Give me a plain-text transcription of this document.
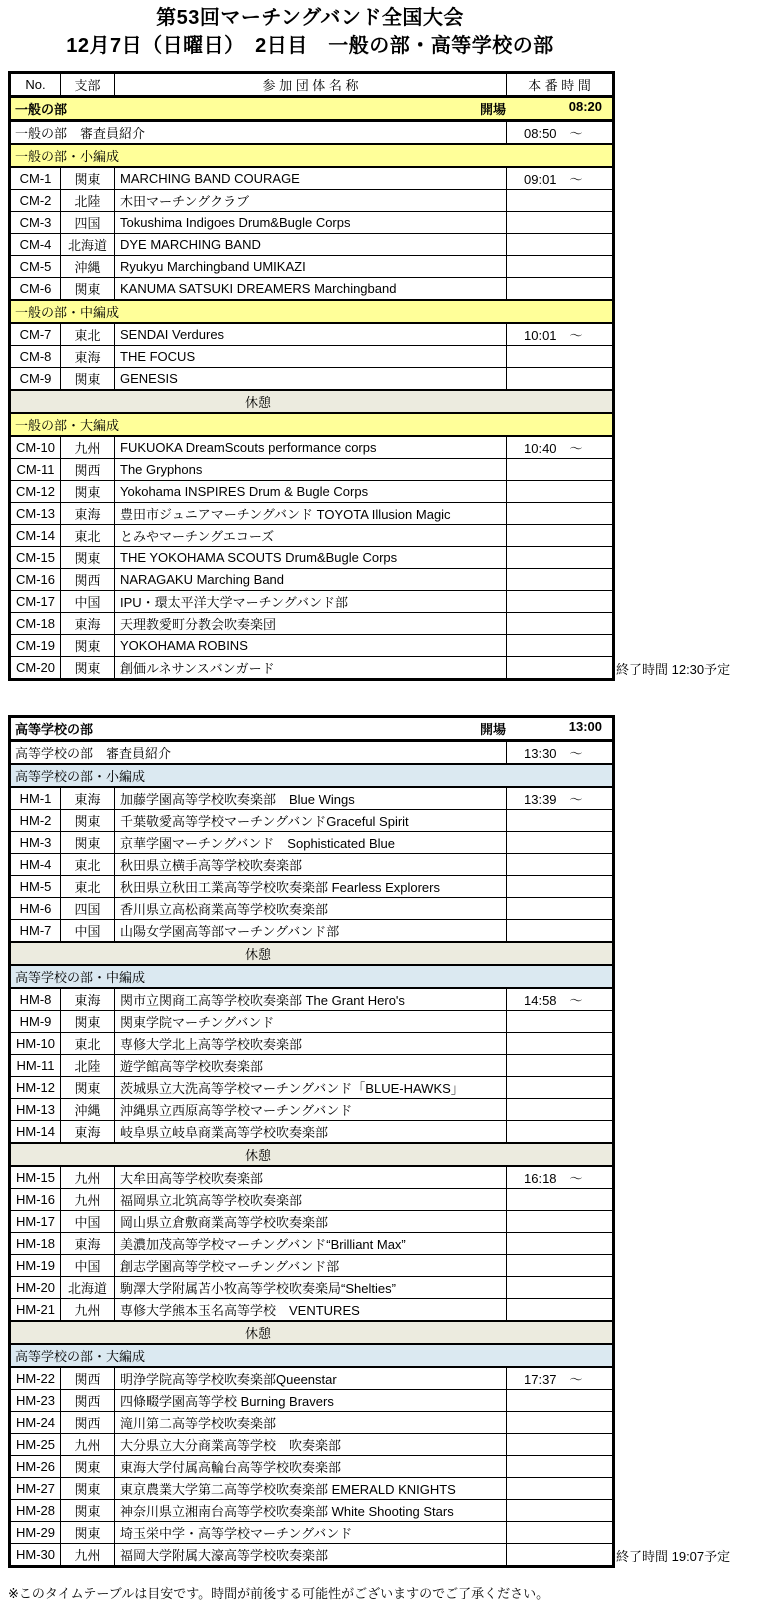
第53回マーチングバンド全国大会
12月7日（日曜日）　2日目　一般の部・高等学校の部
No.	支部	参 加 団 体 名 称	本 番 時 間

一般の部 開場 08:20			

一般の部　審査員紹介			08:50 ～
一般の部・小編成			
CM-1	関東	MARCHING BAND COURAGE	09:01 ～
CM-2	北陸	木田マーチングクラブ	
CM-3	四国	Tokushima Indigoes Drum&Bugle Corps	
CM-4	北海道	DYE MARCHING BAND	
CM-5	沖縄	Ryukyu Marchingband UMIKAZI	
CM-6	関東	KANUMA SATSUKI DREAMERS Marchingband	
一般の部・中編成			
CM-7	東北	SENDAI Verdures	10:01 ～
CM-8	東海	THE FOCUS	
CM-9	関東	GENESIS	

休憩			

一般の部・大編成			
CM-10	九州	FUKUOKA DreamScouts performance corps	10:40 ～
CM-11	関西	The Gryphons	
CM-12	関東	Yokohama INSPIRES Drum & Bugle Corps	
CM-13	東海	豊田市ジュニアマーチングバンド TOYOTA Illusion Magic	
CM-14	東北	とみやマーチングエコーズ	
CM-15	関東	THE YOKOHAMA SCOUTS Drum&Bugle Corps	
CM-16	関西	NARAGAKU Marching Band	
CM-17	中国	IPU・環太平洋大学マーチングバンド部	
CM-18	東海	天理教愛町分教会吹奏楽団	
CM-19	関東	YOKOHAMA ROBINS	
CM-20	関東	創価ルネサンスバンガード		終了時間 12:30予定
高等学校の部 開場 13:00			

高等学校の部　審査員紹介			13:30 ～
高等学校の部・小編成			
HM-1	東海	加藤学園高等学校吹奏楽部　Blue Wings	13:39 ～
HM-2	関東	千葉敬愛高等学校マーチングバンドGraceful Spirit	
HM-3	関東	京華学園マーチングバンド　Sophisticated Blue	
HM-4	東北	秋田県立横手高等学校吹奏楽部	
HM-5	東北	秋田県立秋田工業高等学校吹奏楽部 Fearless Explorers	
HM-6	四国	香川県立高松商業高等学校吹奏楽部	
HM-7	中国	山陽女学園高等部マーチングバンド部	

休憩			

高等学校の部・中編成			
HM-8	東海	関市立関商工高等学校吹奏楽部 The Grant Hero's	14:58 ～
HM-9	関東	関東学院マーチングバンド	
HM-10	東北	専修大学北上高等学校吹奏楽部	
HM-11	北陸	遊学館高等学校吹奏楽部	
HM-12	関東	茨城県立大洗高等学校マーチングバンド「BLUE-HAWKS」	
HM-13	沖縄	沖縄県立西原高等学校マーチングバンド	
HM-14	東海	岐阜県立岐阜商業高等学校吹奏楽部	

休憩			

HM-15	九州	大牟田高等学校吹奏楽部	16:18 ～
HM-16	九州	福岡県立北筑高等学校吹奏楽部	
HM-17	中国	岡山県立倉敷商業高等学校吹奏楽部	
HM-18	東海	美濃加茂高等学校マーチングバンド“Brilliant Max”	
HM-19	中国	創志学園高等学校マーチングバンド部	
HM-20	北海道	駒澤大学附属苫小牧高等学校吹奏楽局“Shelties”	
HM-21	九州	専修大学熊本玉名高等学校　VENTURES	

休憩			

高等学校の部・大編成			
HM-22	関西	明浄学院高等学校吹奏楽部Queenstar	17:37 ～
HM-23	関西	四條畷学園高等学校 Burning Bravers	
HM-24	関西	滝川第二高等学校吹奏楽部	
HM-25	九州	大分県立大分商業高等学校　吹奏楽部	
HM-26	関東	東海大学付属高輪台高等学校吹奏楽部	
HM-27	関東	東京農業大学第二高等学校吹奏楽部 EMERALD KNIGHTS	
HM-28	関東	神奈川県立湘南台高等学校吹奏楽部 White Shooting Stars	
HM-29	関東	埼玉栄中学・高等学校マーチングバンド	
HM-30	九州	福岡大学附属大濠高等学校吹奏楽部		終了時間 19:07予定
※このタイムテーブルは目安です。時間が前後する可能性がございますのでご了承ください。
